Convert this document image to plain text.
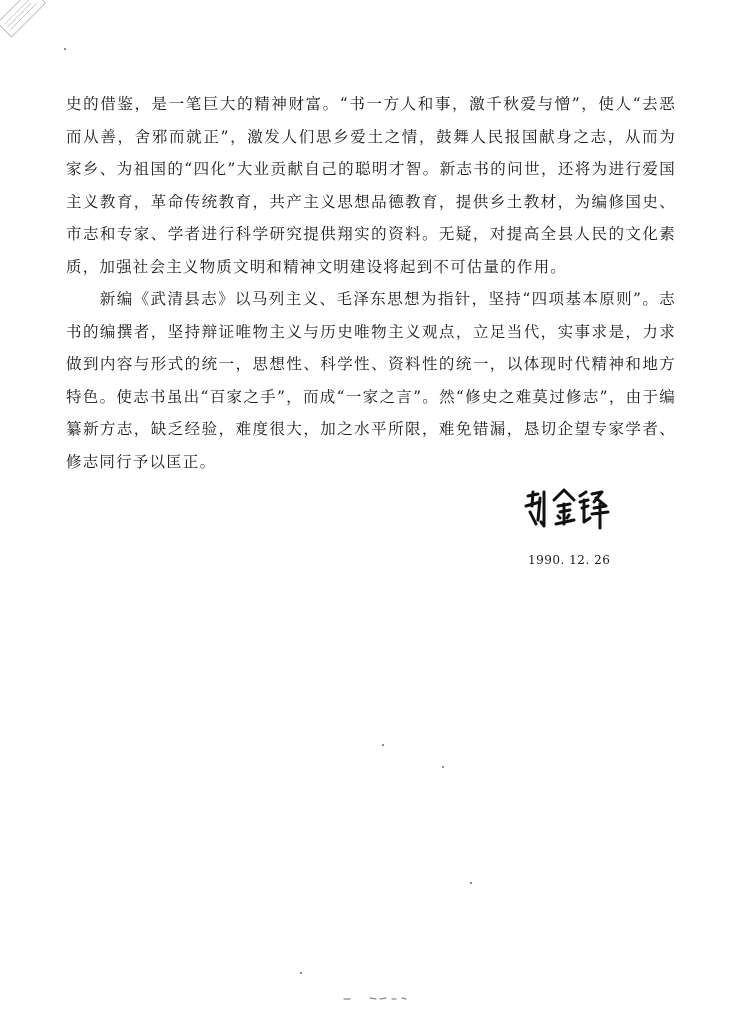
史的借鉴，是一笔巨大的精神财富。“书一方人和事，激千秋爱与憎”，使人“去恶而从善，舍邪而就正”，激发人们思乡爱土之情，鼓舞人民报国献身之志，从而为家乡、为祖国的“四化”大业贡献自己的聪明才智。新志书的问世，还将为进行爱国主义教育，革命传统教育，共产主义思想品德教育，提供乡土教材，为编修国史、市志和专家、学者进行科学研究提供翔实的资料。无疑，对提高全县人民的文化素质，加强社会主义物质文明和精神文明建设将起到不可估量的作用。

　　新编《武清县志》以马列主义、毛泽东思想为指针，坚持“四项基本原则”。志书的编撰者，坚持辩证唯物主义与历史唯物主义观点，立足当代，实事求是，力求做到内容与形式的统一，思想性、科学性、资料性的统一，以体现时代精神和地方特色。使志书虽出“百家之手”，而成“一家之言”。然“修史之难莫过修志”，由于编纂新方志，缺乏经验，难度很大，加之水平所限，难免错漏，恳切企望专家学者、修志同行予以匡正。

1990. 12. 26
